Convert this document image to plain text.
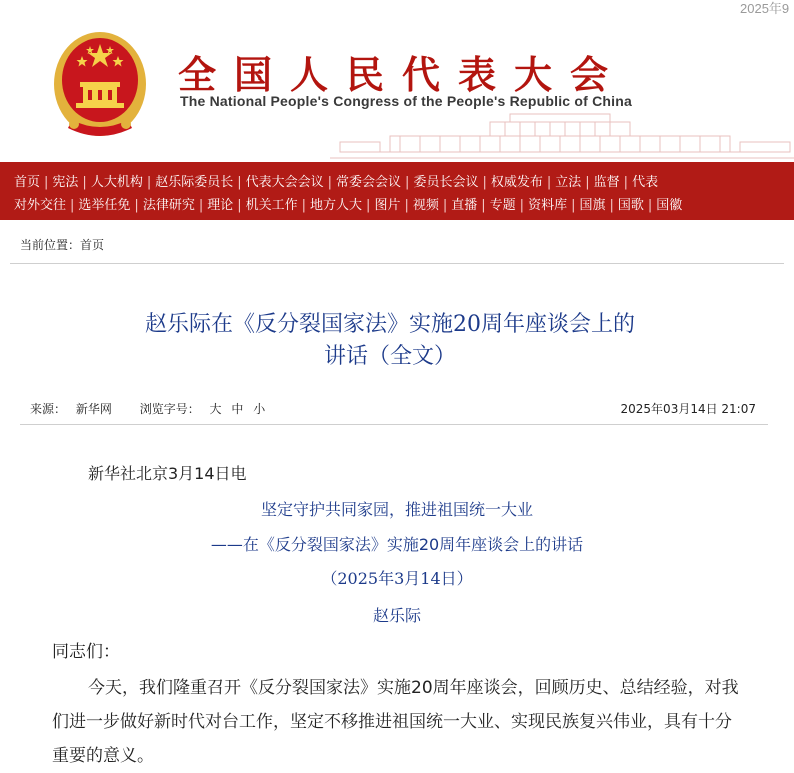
2025年9
全国人民代表大会
The National People's Congress of the People's Republic of China
首页 | 宪法 | 人大机构 | 赵乐际委员长 | 代表大会会议 | 常委会会议 | 委员长会议 | 权威发布 | 立法 | 监督 | 代表
对外交往 | 选举任免 | 法律研究 | 理论 | 机关工作 | 地方人大 | 图片 | 视频 | 直播 | 专题 | 资料库 | 国旗 | 国歌 | 国徽
当前位置：首页
赵乐际在《反分裂国家法》实施20周年座谈会上的
讲话（全文）
来源： 新华网 浏览字号： 大 中 小	2025年03月14日 21:07
新华社北京3月14日电
坚定守护共同家园，推进祖国统一大业
——在《反分裂国家法》实施20周年座谈会上的讲话
（2025年3月14日）
赵乐际
同志们：
今天，我们隆重召开《反分裂国家法》实施20周年座谈会，回顾历史、总结经验，对我们进一步做好新时代对台工作，坚定不移推进祖国统一大业、实现民族复兴伟业，具有十分重要的意义。
